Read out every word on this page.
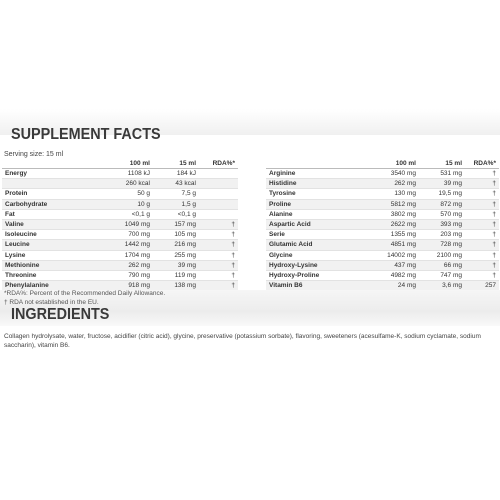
SUPPLEMENT FACTS
Serving size: 15 ml
	100 ml	15 ml	RDA%*
Energy	1108 kJ	184 kJ	
	260 kcal	43 kcal	
Protein	50 g	7,5 g	
Carbohydrate	10 g	1,5 g	
Fat	<0,1 g	<0,1 g	
Valine	1049 mg	157 mg	†
Isoleucine	700 mg	105 mg	†
Leucine	1442 mg	216 mg	†
Lysine	1704 mg	255 mg	†
Methionine	262 mg	39 mg	†
Threonine	790 mg	119 mg	†
Phenylalanine	918 mg	138 mg	†
	100 ml	15 ml	RDA%*
Arginine	3540 mg	531 mg	†
Histidine	262 mg	39 mg	†
Tyrosine	130 mg	19,5 mg	†
Proline	5812 mg	872 mg	†
Alanine	3802 mg	570 mg	†
Aspartic Acid	2622 mg	393 mg	†
Serie	1355 mg	203 mg	†
Glutamic Acid	4851 mg	728 mg	†
Glycine	14002 mg	2100 mg	†
Hydroxy-Lysine	437 mg	66 mg	†
Hydroxy-Proline	4982 mg	747 mg	†
Vitamin B6	24 mg	3,6 mg	257
*RDA%: Percent of the Recommended Daily Allowance.
† RDA not established in the EU.
INGREDIENTS
Collagen hydrolysate, water, fructose, acidifier (citric acid), glycine, preservative (potassium sorbate), flavoring, sweeteners (acesulfame-K, sodium cyclamate, sodium saccharin), vitamin B6.
